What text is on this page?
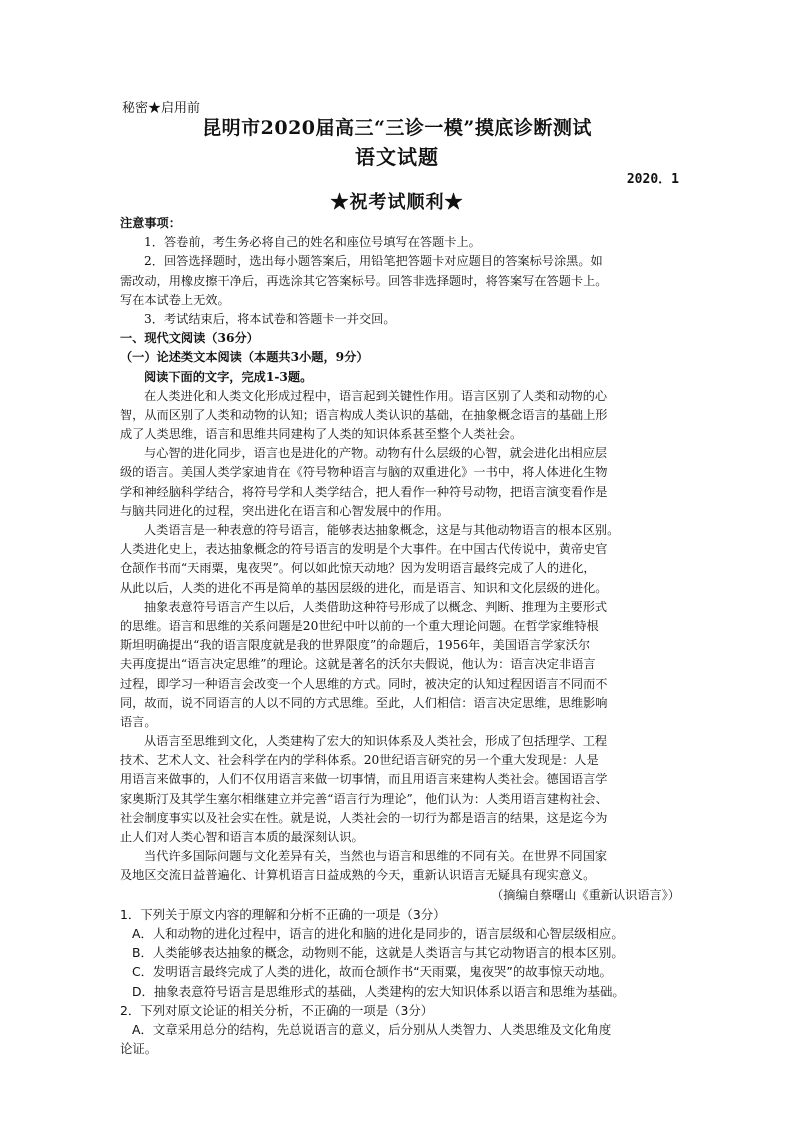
秘密★启用前
昆明市2020届高三“三诊一模”摸底诊断测试
语文试题
2020．1
★祝考试顺利★
注意事项：
1．答卷前，考生务必将自己的姓名和座位号填写在答题卡上。
2．回答选择题时，选出每小题答案后，用铅笔把答题卡对应题目的答案标号涂黑。如
需改动，用橡皮擦干净后，再选涂其它答案标号。回答非选择题时，将答案写在答题卡上。
写在本试卷上无效。
3．考试结束后，将本试卷和答题卡一并交回。
一、现代文阅读（36分）
（一）论述类文本阅读（本题共3小题，9分）
阅读下面的文字，完成1-3题。
在人类进化和人类文化形成过程中，语言起到关键性作用。语言区别了人类和动物的心
智，从而区别了人类和动物的认知；语言构成人类认识的基础，在抽象概念语言的基础上形
成了人类思维，语言和思维共同建构了人类的知识体系甚至整个人类社会。
与心智的进化同步，语言也是进化的产物。动物有什么层级的心智，就会进化出相应层
级的语言。美国人类学家迪肯在《符号物种语言与脑的双重进化》一书中，将人体进化生物
学和神经脑科学结合，将符号学和人类学结合，把人看作一种符号动物，把语言演变看作是
与脑共同进化的过程，突出进化在语言和心智发展中的作用。
人类语言是一种表意的符号语言，能够表达抽象概念，这是与其他动物语言的根本区别。
人类进化史上，表达抽象概念的符号语言的发明是个大事件。在中国古代传说中，黄帝史官
仓颉作书而“天雨粟，鬼夜哭”。何以如此惊天动地？因为发明语言最终完成了人的进化，
从此以后，人类的进化不再是简单的基因层级的进化，而是语言、知识和文化层级的进化。
抽象表意符号语言产生以后，人类借助这种符号形成了以概念、判断、推理为主要形式
的思维。语言和思维的关系问题是20世纪中叶以前的一个重大理论问题。在哲学家维特根
斯坦明确提出“我的语言限度就是我的世界限度”的命题后，1956年，美国语言学家沃尔
夫再度提出“语言决定思维”的理论。这就是著名的沃尔夫假说，他认为：语言决定非语言
过程，即学习一种语言会改变一个人思维的方式。同时，被决定的认知过程因语言不同而不
同，故而，说不同语言的人以不同的方式思维。至此，人们相信：语言决定思维，思维影响
语言。
从语言至思维到文化，人类建构了宏大的知识体系及人类社会，形成了包括理学、工程
技术、艺术人文、社会科学在内的学科体系。20世纪语言研究的另一个重大发现是：人是
用语言来做事的，人们不仅用语言来做一切事情，而且用语言来建构人类社会。德国语言学
家奥斯汀及其学生塞尔相继建立并完善“语言行为理论”，他们认为：人类用语言建构社会、
社会制度事实以及社会实在性。就是说，人类社会的一切行为都是语言的结果，这是迄今为
止人们对人类心智和语言本质的最深刻认识。
当代许多国际问题与文化差异有关，当然也与语言和思维的不同有关。在世界不同国家
及地区交流日益普遍化、计算机语言日益成熟的今天，重新认识语言无疑具有现实意义。
（摘编自蔡曙山《重新认识语言》）
1．下列关于原文内容的理解和分析不正确的一项是（3分）
A．人和动物的进化过程中，语言的进化和脑的进化是同步的，语言层级和心智层级相应。
B．人类能够表达抽象的概念，动物则不能，这就是人类语言与其它动物语言的根本区别。
C．发明语言最终完成了人类的进化，故而仓颉作书“天雨粟，鬼夜哭”的故事惊天动地。
D．抽象表意符号语言是思维形式的基础，人类建构的宏大知识体系以语言和思维为基础。
2．下列对原文论证的相关分析，不正确的一项是（3分）
A．文章采用总分的结构，先总说语言的意义，后分别从人类智力、人类思维及文化角度
论证。
